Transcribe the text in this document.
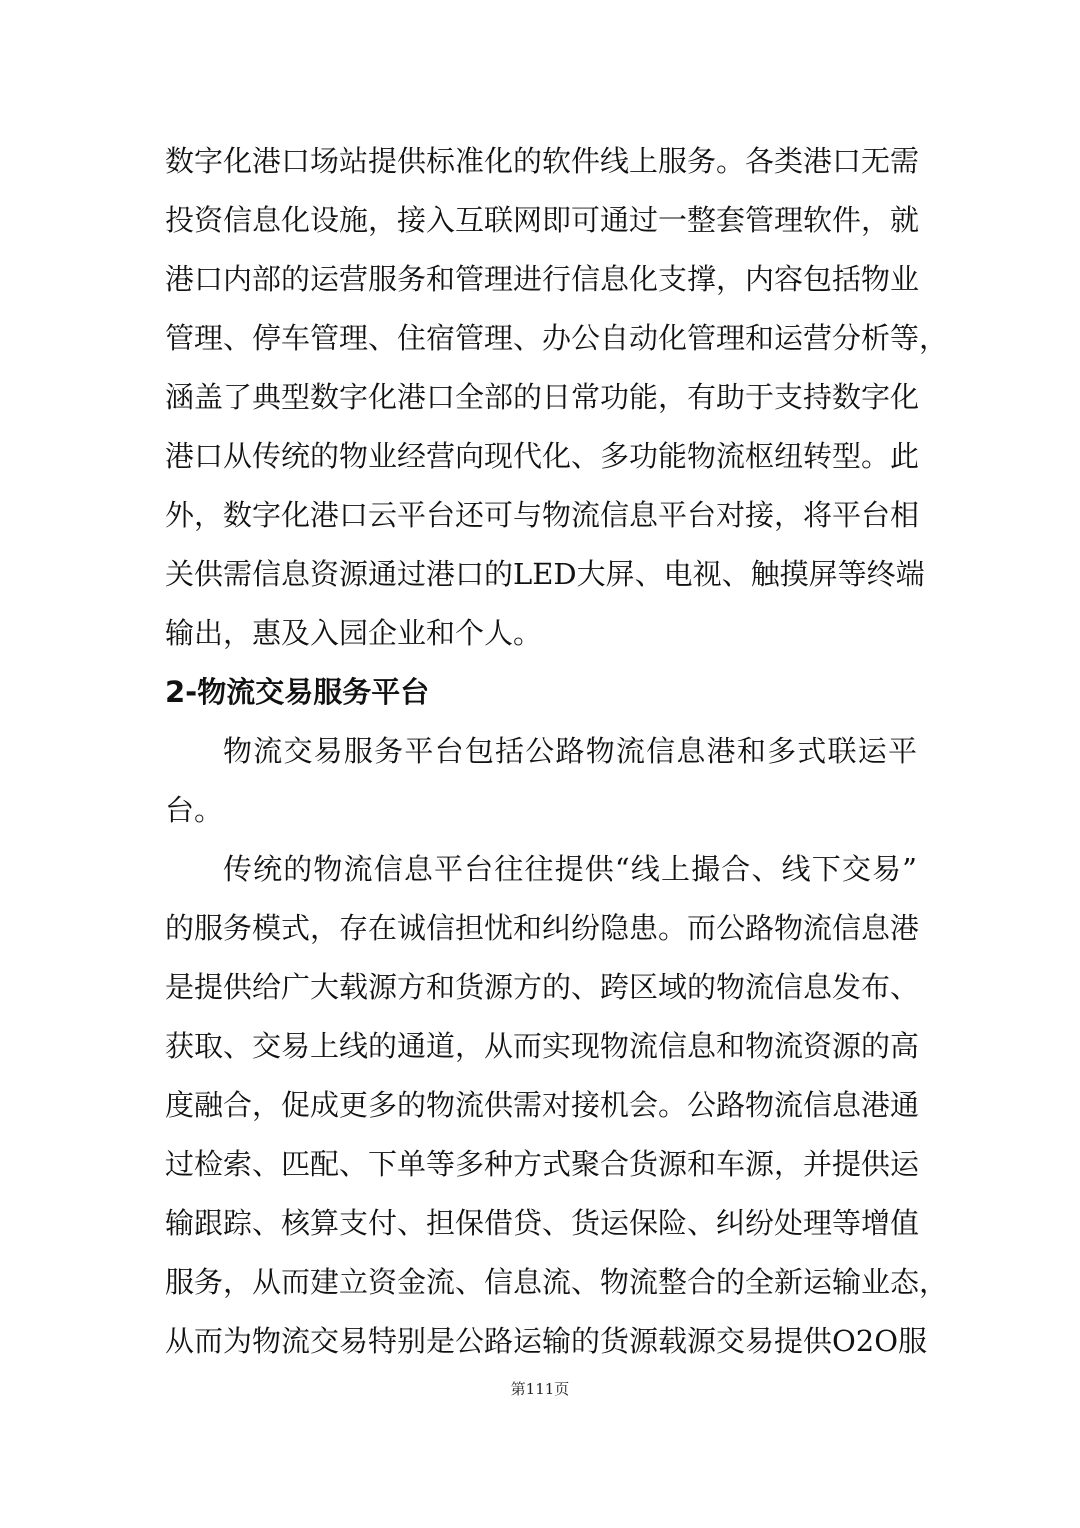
数字化港口场站提供标准化的软件线上服务。各类港口无需
投资信息化设施，接入互联网即可通过一整套管理软件，就
港口内部的运营服务和管理进行信息化支撑，内容包括物业
管理、停车管理、住宿管理、办公自动化管理和运营分析等，
涵盖了典型数字化港口全部的日常功能，有助于支持数字化
港口从传统的物业经营向现代化、多功能物流枢纽转型。此
外，数字化港口云平台还可与物流信息平台对接，将平台相
关供需信息资源通过港口的LED大屏、电视、触摸屏等终端
输出，惠及入园企业和个人。
2-物流交易服务平台
物流交易服务平台包括公路物流信息港和多式联运平
台。
传统的物流信息平台往往提供“线上撮合、线下交易”
的服务模式，存在诚信担忧和纠纷隐患。而公路物流信息港
是提供给广大载源方和货源方的、跨区域的物流信息发布、
获取、交易上线的通道，从而实现物流信息和物流资源的高
度融合，促成更多的物流供需对接机会。公路物流信息港通
过检索、匹配、下单等多种方式聚合货源和车源，并提供运
输跟踪、核算支付、担保借贷、货运保险、纠纷处理等增值
服务，从而建立资金流、信息流、物流整合的全新运输业态，
从而为物流交易特别是公路运输的货源载源交易提供O2O服
第111页
